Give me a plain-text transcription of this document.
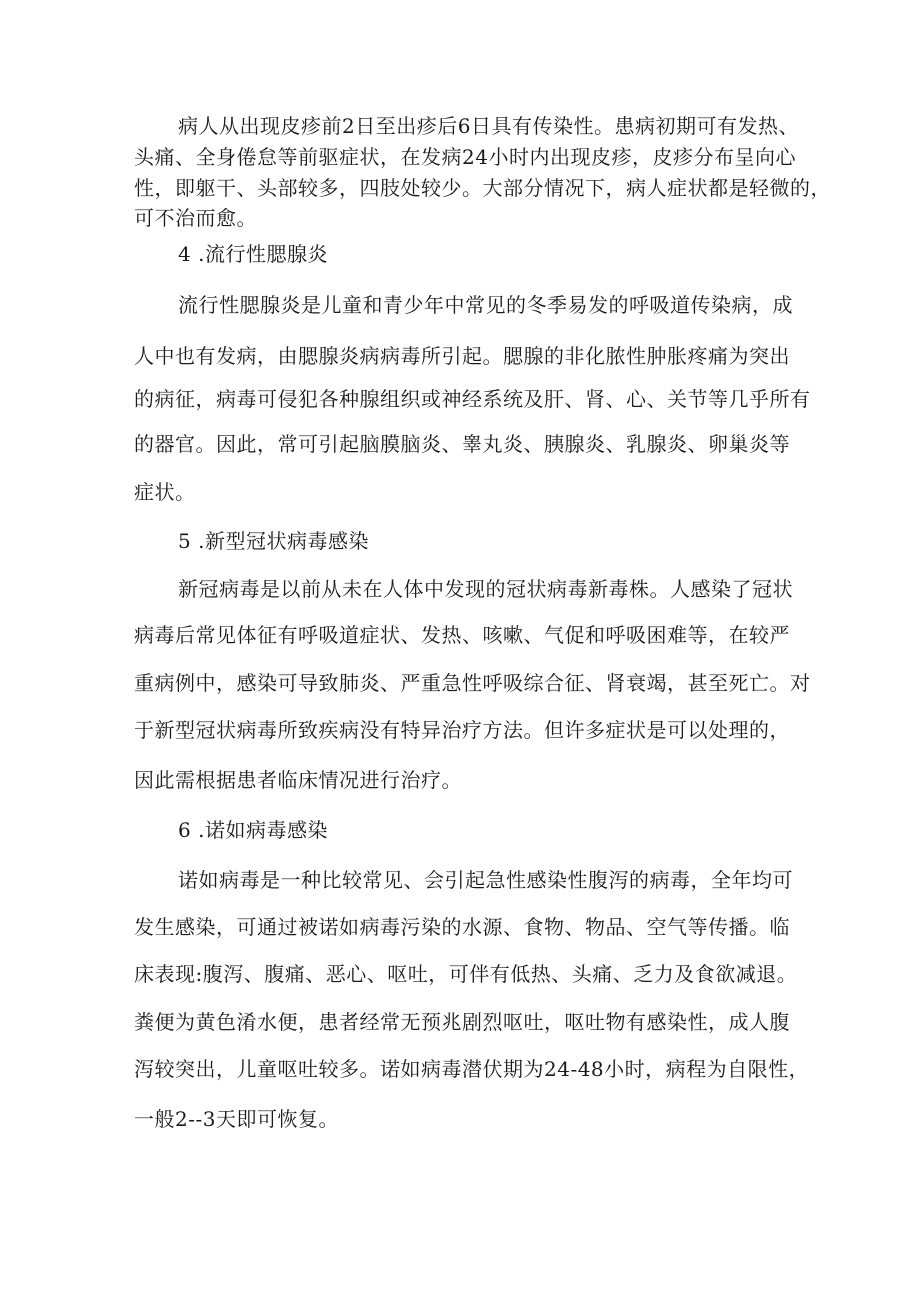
病人从出现皮疹前2日至出疹后6日具有传染性。患病初期可有发热、
头痛、全身倦怠等前驱症状，在发病24小时内出现皮疹，皮疹分布呈向心
性，即躯干、头部较多，四肢处较少。大部分情况下，病人症状都是轻微的，
可不治而愈。
4 .流行性腮腺炎
流行性腮腺炎是儿童和青少年中常见的冬季易发的呼吸道传染病，成
人中也有发病，由腮腺炎病病毒所引起。腮腺的非化脓性肿胀疼痛为突出
的病征，病毒可侵犯各种腺组织或神经系统及肝、肾、心、关节等几乎所有
的器官。因此，常可引起脑膜脑炎、睾丸炎、胰腺炎、乳腺炎、卵巢炎等
症状。
5 .新型冠状病毒感染
新冠病毒是以前从未在人体中发现的冠状病毒新毒株。人感染了冠状
病毒后常见体征有呼吸道症状、发热、咳嗽、气促和呼吸困难等，在较严
重病例中，感染可导致肺炎、严重急性呼吸综合征、肾衰竭，甚至死亡。对
于新型冠状病毒所致疾病没有特异治疗方法。但许多症状是可以处理的，
因此需根据患者临床情况进行治疗。
6 .诺如病毒感染
诺如病毒是一种比较常见、会引起急性感染性腹泻的病毒，全年均可
发生感染，可通过被诺如病毒污染的水源、食物、物品、空气等传播。临
床表现:腹泻、腹痛、恶心、呕吐，可伴有低热、头痛、乏力及食欲减退。
粪便为黄色淆水便，患者经常无预兆剧烈呕吐，呕吐物有感染性，成人腹
泻较突出，儿童呕吐较多。诺如病毒潜伏期为24-48小时，病程为自限性，
一般2--3天即可恢复。
